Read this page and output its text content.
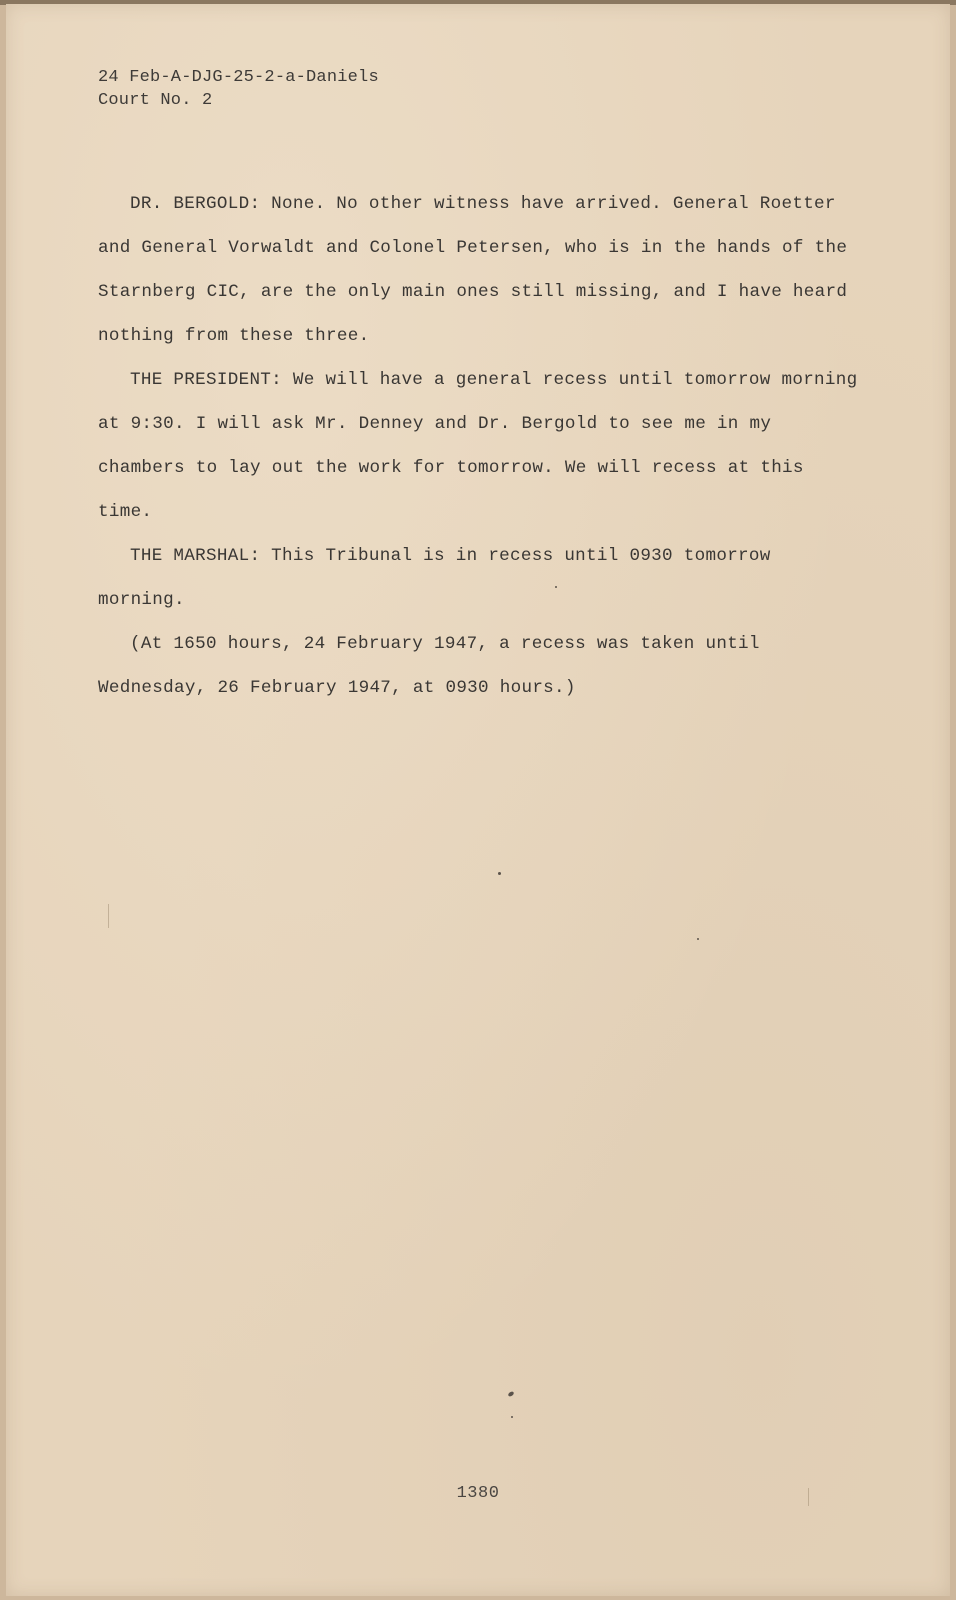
24 Feb-A-DJG-25-2-a-Daniels
Court No. 2

DR. BERGOLD: None. No other witness have arrived. General Roetter and General Vorwaldt and Colonel Petersen, who is in the hands of the Starnberg CIC, are the only main ones still missing, and I have heard nothing from these three.

THE PRESIDENT: We will have a general recess until tomorrow morning at 9:30. I will ask Mr. Denney and Dr. Bergold to see me in my chambers to lay out the work for tomorrow. We will recess at this time.

THE MARSHAL: This Tribunal is in recess until 0930 tomorrow morning.

(At 1650 hours, 24 February 1947, a recess was taken until Wednesday, 26 February 1947, at 0930 hours.)

1380
